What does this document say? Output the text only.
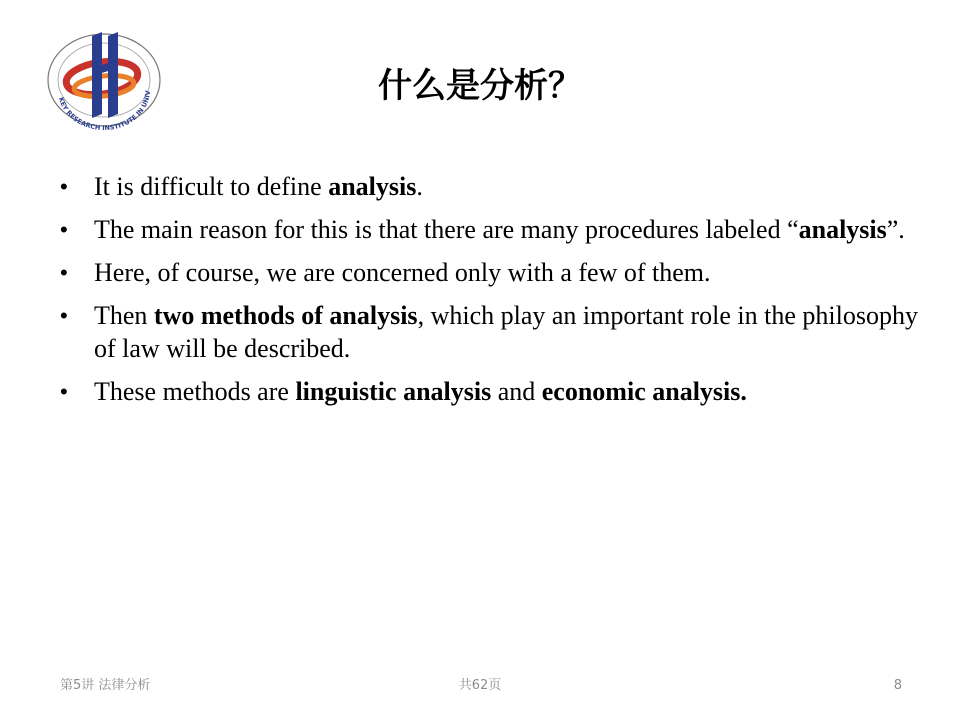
KEY RESEARCH INSTITUTE IN UNIV	什么是分析？
• It is difficult to define analysis.
• The main reason for this is that there are many procedures labeled “analysis”.
• Here, of course, we are concerned only with a few of them.
• Then two methods of analysis, which play an important role in the philosophy of law will be described.
• These methods are linguistic analysis and economic analysis.
第5讲 法律分析	共62页	8
